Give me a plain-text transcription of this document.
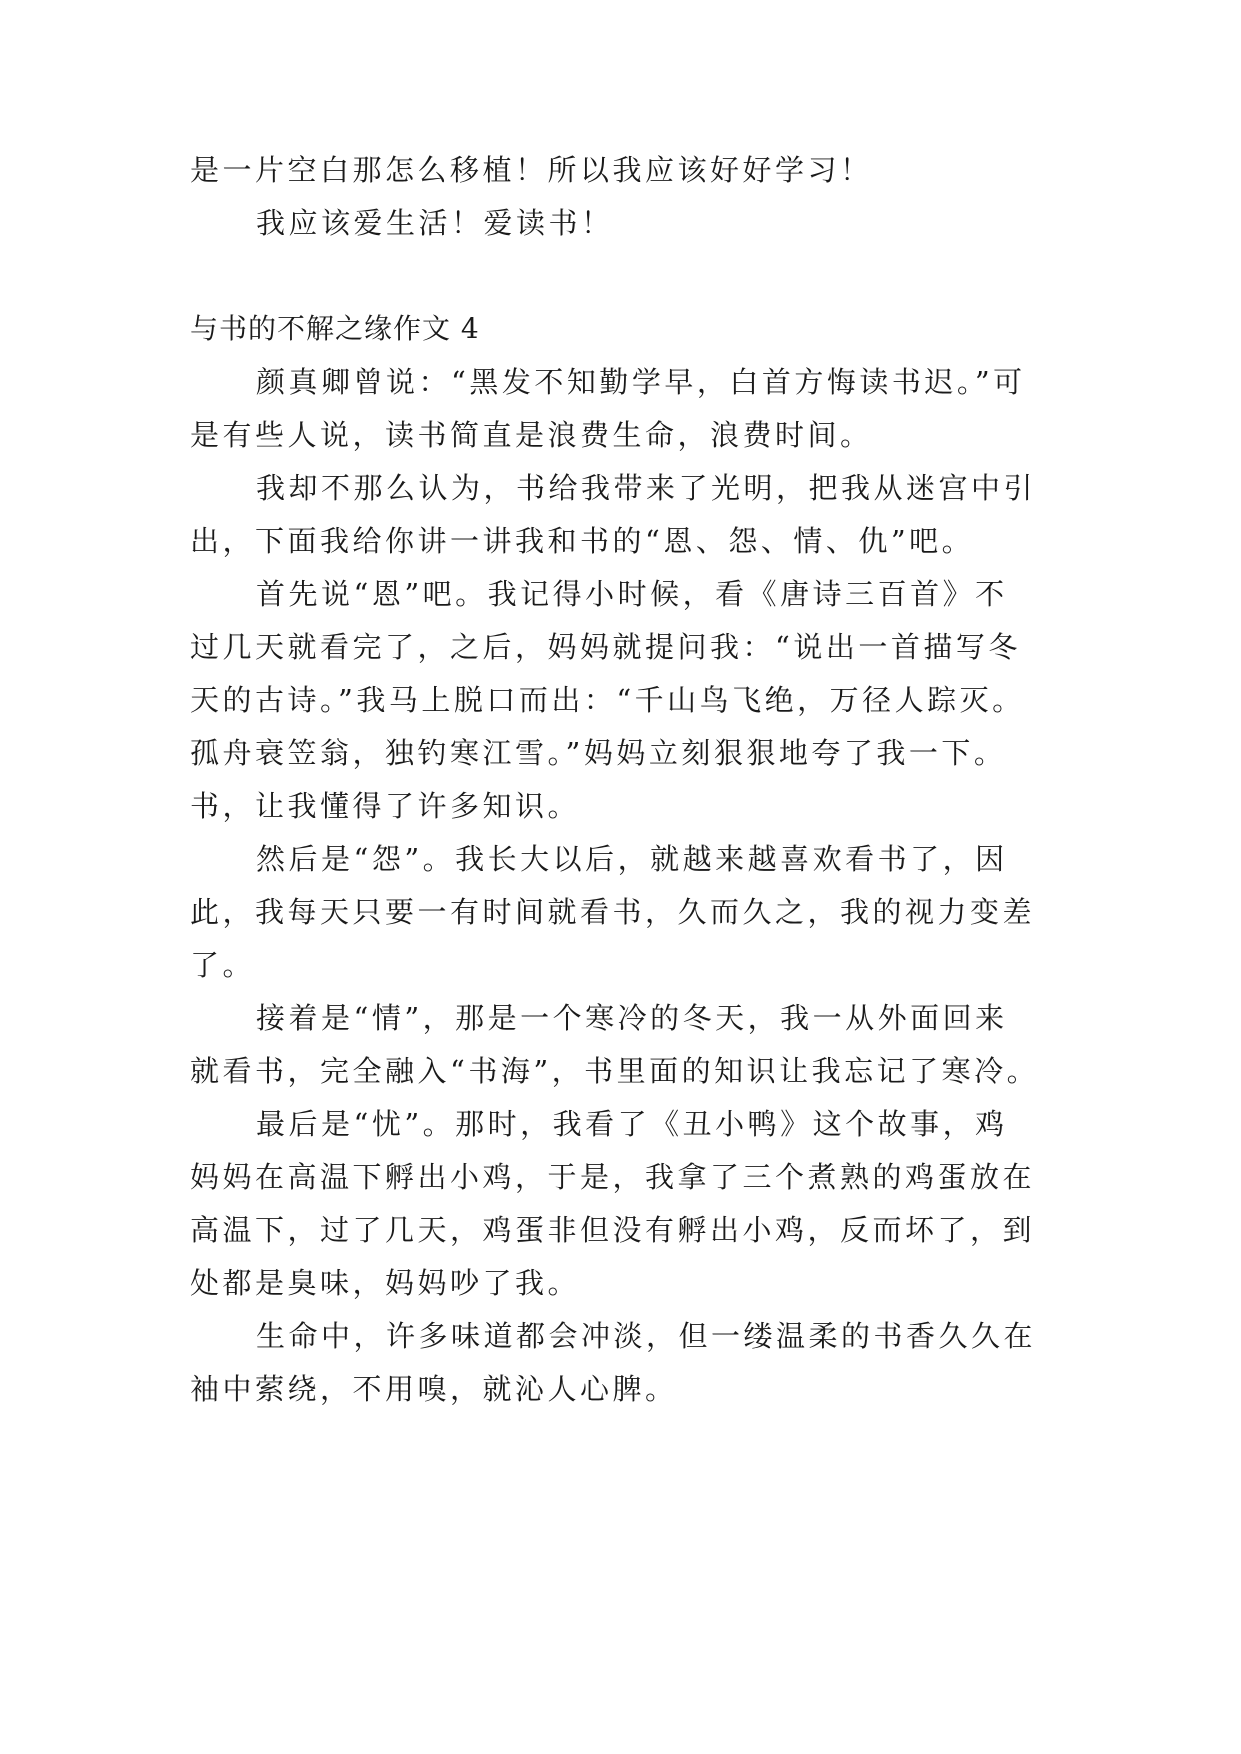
是一片空白那怎么移植！所以我应该好好学习！
我应该爱生活！爱读书！
与书的不解之缘作文 4
颜真卿曾说：“黑发不知勤学早，白首方悔读书迟。”可
是有些人说，读书简直是浪费生命，浪费时间。
我却不那么认为，书给我带来了光明，把我从迷宫中引
出，下面我给你讲一讲我和书的“恩、怨、情、仇”吧。
首先说“恩”吧。我记得小时候，看《唐诗三百首》不
过几天就看完了，之后，妈妈就提问我：“说出一首描写冬
天的古诗。”我马上脱口而出：“千山鸟飞绝，万径人踪灭。
孤舟衰笠翁，独钓寒江雪。”妈妈立刻狠狠地夸了我一下。
书，让我懂得了许多知识。
然后是“怨”。我长大以后，就越来越喜欢看书了，因
此，我每天只要一有时间就看书，久而久之，我的视力变差
了。
接着是“情”，那是一个寒冷的冬天，我一从外面回来
就看书，完全融入“书海”，书里面的知识让我忘记了寒冷。
最后是“忧”。那时，我看了《丑小鸭》这个故事，鸡
妈妈在高温下孵出小鸡，于是，我拿了三个煮熟的鸡蛋放在
高温下，过了几天，鸡蛋非但没有孵出小鸡，反而坏了，到
处都是臭味，妈妈吵了我。
生命中，许多味道都会冲淡，但一缕温柔的书香久久在
袖中萦绕，不用嗅，就沁人心脾。
